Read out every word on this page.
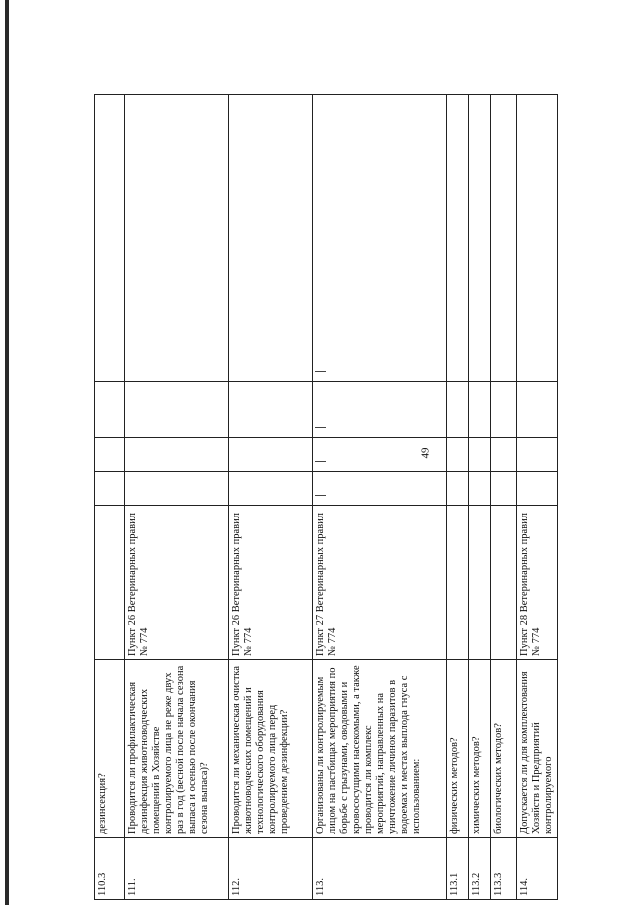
49
110.3	дезинсекция?					
111.	Проводится ли профилактическая дезинфекция животноводческих помещений в Хозяйстве контролируемого лица не реже двух раз в год (весной после начала сезона выпаса и осенью после окончания сезона выпаса)?	Пункт 26 Ветеринарных правил № 774				
112.	Проводится ли механическая очистка животноводческих помещений и технологического оборудования контролируемого лица перед проведением дезинфекции?	Пункт 26 Ветеринарных правил № 774				
113.	Организованы ли контролируемым лицом на пастбищах мероприятия по борьбе с грызунами, оводовыми и кровососущими насекомыми, а также проводится ли комплекс мероприятий, направленных на уничтожение личинок паразитов в водоемах и местах выплода гнуса с использованием:	Пункт 27 Ветеринарных правил № 774				
113.1	физических методов?					
113.2	химических методов?					
113.3	биологических методов?					
114.	Допускается ли для комплектования Хозяйств и Предприятий контролируемого	Пункт 28 Ветеринарных правил № 774				
